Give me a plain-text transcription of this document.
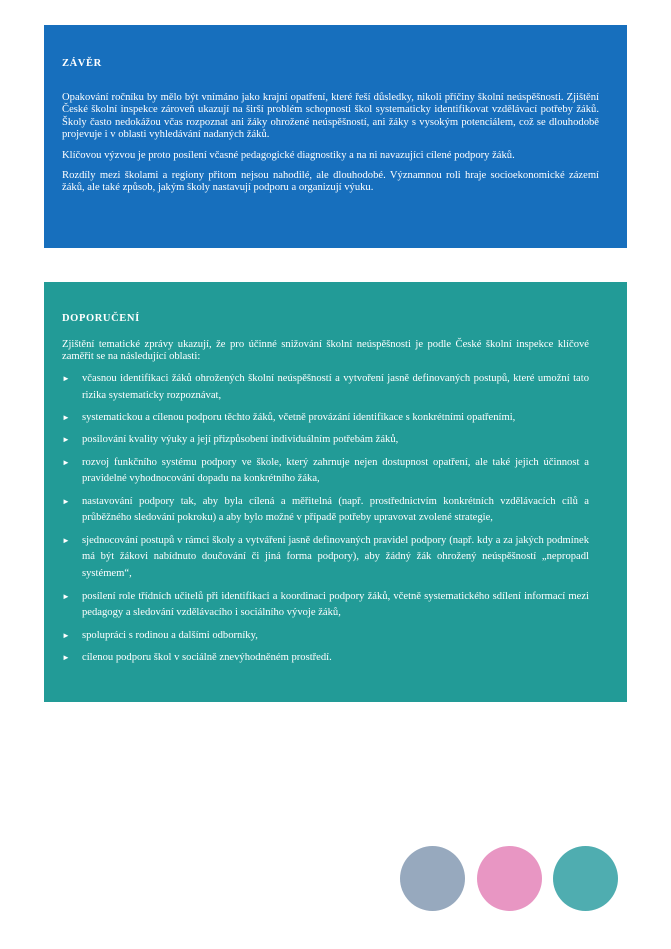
ZÁVĚR

Opakování ročníku by mělo být vnímáno jako krajní opatření, které řeší důsledky, nikoli příčiny školní neúspěšnosti. Zjištění České školní inspekce zároveň ukazují na širší problém schopnosti škol systematicky identifikovat vzdělávací potřeby žáků. Školy často nedokážou včas rozpoznat ani žáky ohrožené neúspěšností, ani žáky s vysokým potenciálem, což se dlouhodobě projevuje i v oblasti vyhledávání nadaných žáků.

Klíčovou výzvou je proto posílení včasné pedagogické diagnostiky a na ni navazujíci cílené podpory žáků.

Rozdíly mezi školami a regiony přitom nejsou nahodilé, ale dlouhodobé. Významnou roli hraje socioekonomické zázemí žáků, ale také způsob, jakým školy nastavují podporu a organizují výuku.

DOPORUČENÍ

Zjištění tematické zprávy ukazují, že pro účinné snižování školní neúspěšnosti je podle České školní inspekce klíčové zaměřit se na následující oblasti:

► včasnou identifikaci žáků ohrožených školní neúspěšností a vytvoření jasně definovaných postupů, které umožní tato rizika systematicky rozpoznávat,
► systematickou a cílenou podporu těchto žáků, včetně provázání identifikace s konkrétními opatřeními,
► posilování kvality výuky a její přizpůsobení individuálním potřebám žáků,
► rozvoj funkčního systému podpory ve škole, který zahrnuje nejen dostupnost opatření, ale také jejich účinnost a pravidelné vyhodnocování dopadu na konkrétního žáka,
► nastavování podpory tak, aby byla cílená a měřitelná (např. prostřednictvím konkrétních vzdělávacích cílů a průběžného sledování pokroku) a aby bylo možné v případě potřeby upravovat zvolené strategie,
► sjednocování postupů v rámci školy a vytváření jasně definovaných pravidel podpory (např. kdy a za jakých podmínek má být žákovi nabídnuto doučování či jiná forma podpory), aby žádný žák ohrožený neúspěšností „nepropadl systémem“,
► posílení role třídních učitelů při identifikaci a koordinaci podpory žáků, včetně systematického sdílení informací mezi pedagogy a sledování vzdělávacího i sociálního vývoje žáků,
► spolupráci s rodinou a dalšími odborníky,
► cílenou podporu škol v sociálně znevýhodněném prostředí.
